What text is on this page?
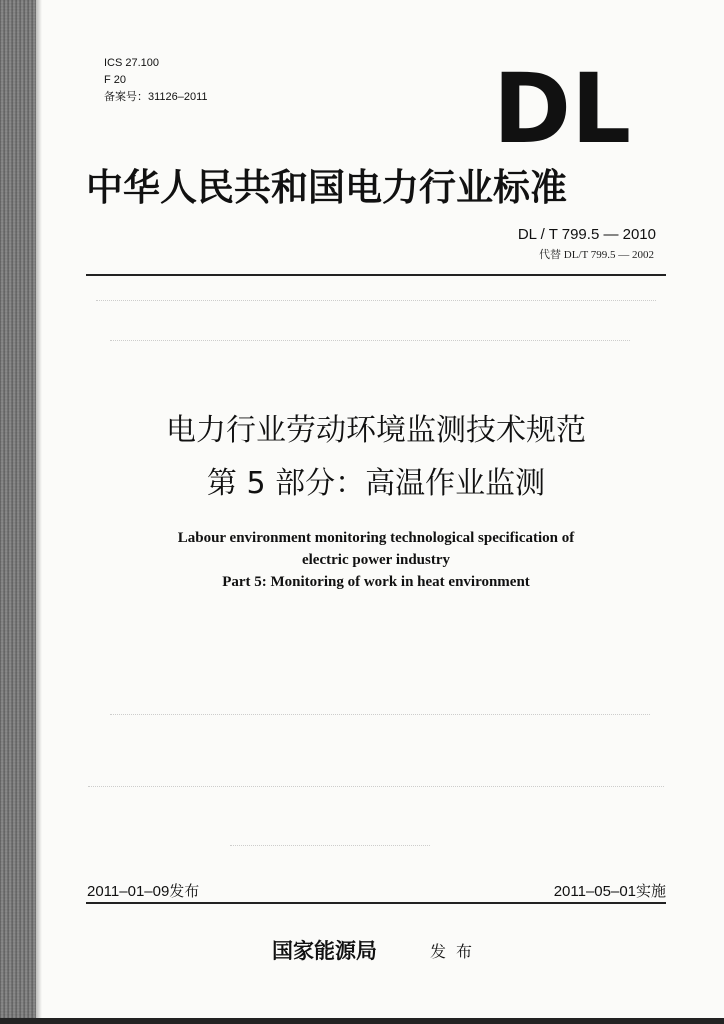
ICS 27.100
F 20
备案号：31126–2011	DL
中华人民共和国电力行业标准
DL / T 799.5 — 2010
代替 DL/T 799.5 — 2002
电力行业劳动环境监测技术规范
第 5 部分：高温作业监测
Labour environment monitoring technological specification of
electric power industry
Part 5: Monitoring of work in heat environment
2011–01–09发布	2011–05–01实施
国家能源局	发布
